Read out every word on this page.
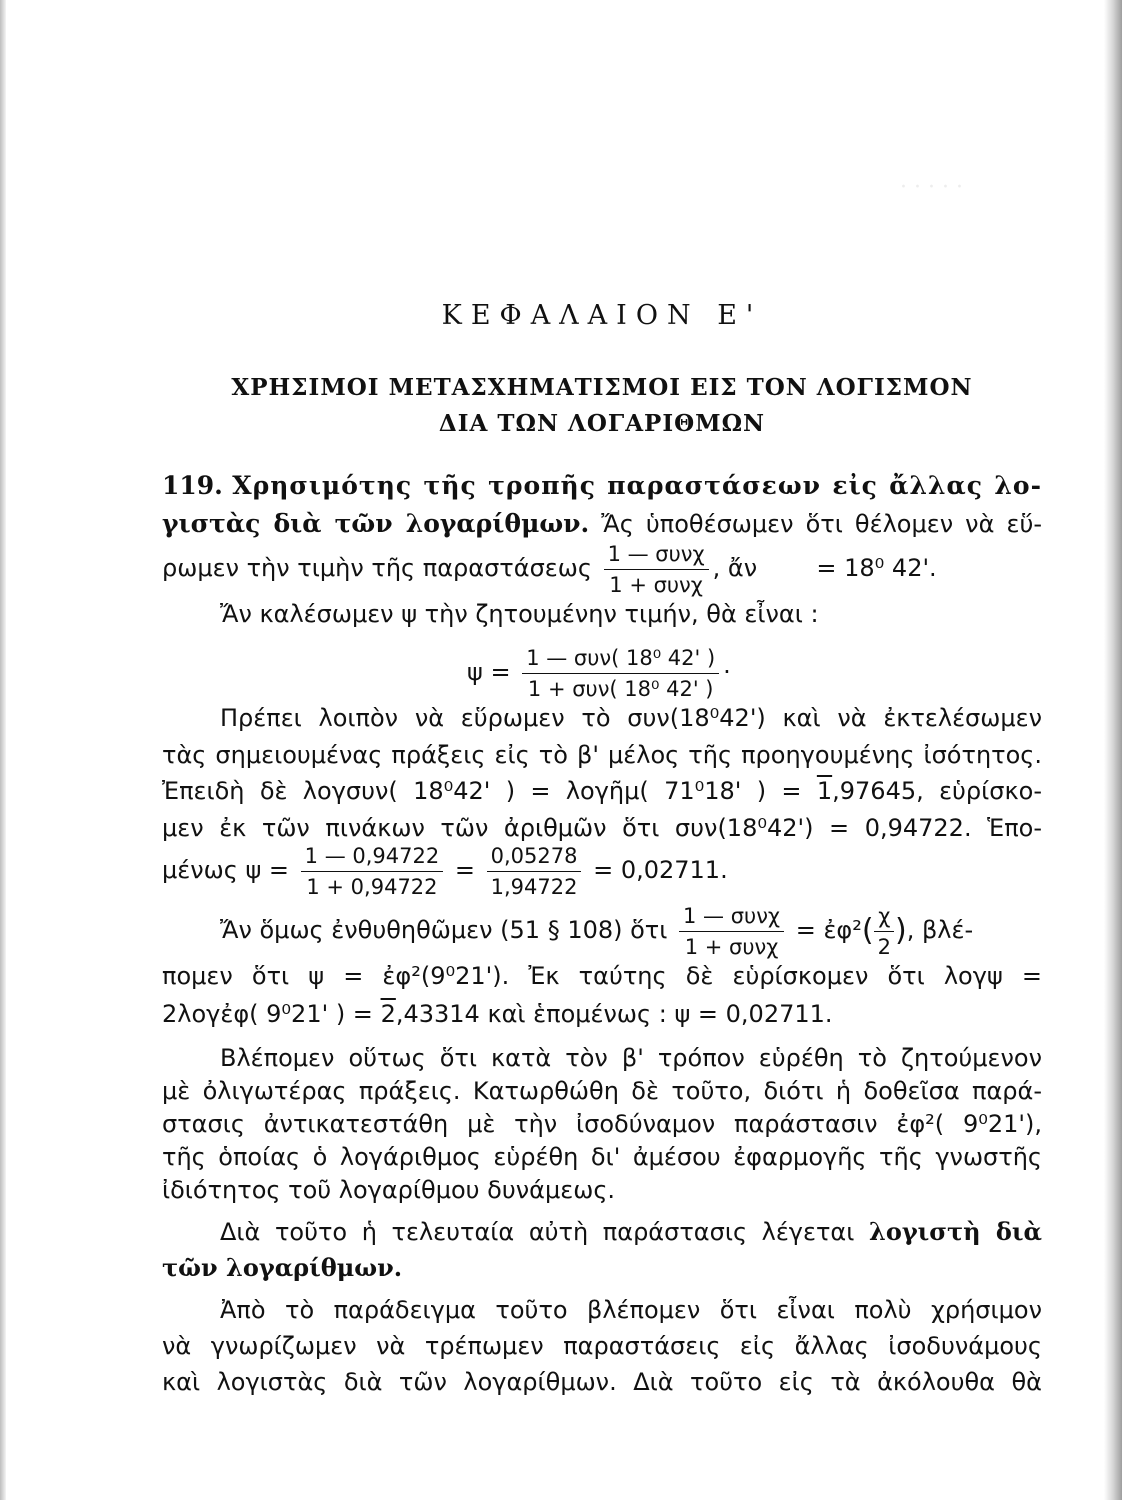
· · · · ·
ΚΕΦΑΛΑΙΟΝ Ε'
ΧΡΗΣΙΜΟΙ ΜΕΤΑΣΧΗΜΑΤΙΣΜΟΙ ΕΙΣ ΤΟΝ ΛΟΓΙΣΜΟΝ
ΔΙΑ ΤΩΝ ΛΟΓΑΡΙΘΜΩΝ
119. Χρησιμότης τῆς τροπῆς παραστάσεων εἰς ἄλλας λο-
γιστὰς διὰ τῶν λογαρίθμων. Ἄς ὑποθέσωμεν ὅτι θέλομεν νὰ εὕ-
ρωμεν τὴν τιμὴν τῆς παραστάσεως $\frac{\text{1 — συνχ}}{\text{1 + συνχ}}$ , ἄν = 18⁰ 42'.
Ἄν καλέσωμεν ψ τὴν ζητουμένην τιμήν, θὰ εἶναι :
$\psi = \frac{\text{1 — συν( 18⁰ 42' )}}{\text{1 + συν( 18⁰ 42' )}}$ ·
Πρέπει λοιπὸν νὰ εὕρωμεν τὸ συν(18⁰42') καὶ νὰ ἐκτελέσωμεν
τὰς σημειουμένας πράξεις εἰς τὸ β' μέλος τῆς προηγουμένης ἰσότητος.
Ἐπειδὴ δὲ λογσυν( 18⁰42' ) = λογῆμ( 71⁰18' ) = 1,97645, εὑρίσκο-
μεν ἐκ τῶν πινάκων τῶν ἀριθμῶν ὅτι συν(18⁰42') = 0,94722. Ἑπο-
μένως $\psi = \frac{1 — 0,94722}{1 + 0,94722} = \frac{0,05278}{1,94722} = 0,02711$.
Ἄν ὅμως ἐνθυθηθῶμεν (51 § 108) ὅτι $\frac{\text{1 — συνχ}}{\text{1 + συνχ}}$ = ἐφ²( $\frac{\chi}{2}$ ), βλέ-
πομεν ὅτι ψ = ἐφ²(9⁰21'). Ἐκ ταύτης δὲ εὑρίσκομεν ὅτι λογψ =
2λογἐφ( 9⁰21' ) = 2,43314 καὶ ἑπομένως : ψ = 0,02711.
Βλέπομεν οὕτως ὅτι κατὰ τὸν β' τρόπον εὑρέθη τὸ ζητούμενον
μὲ ὀλιγωτέρας πράξεις. Κατωρθώθη δὲ τοῦτο, διότι ἡ δοθεῖσα παρά-
στασις ἀντικατεστάθη μὲ τὴν ἰσοδύναμον παράστασιν ἐφ²( 9⁰21'),
τῆς ὁποίας ὁ λογάριθμος εὑρέθη δι' ἀμέσου ἐφαρμογῆς τῆς γνωστῆς
ἰδιότητος τοῦ λογαρίθμου δυνάμεως.
Διὰ τοῦτο ἡ τελευταία αὐτὴ παράστασις λέγεται λογιστὴ διὰ
τῶν λογαρίθμων.
Ἀπὸ τὸ παράδειγμα τοῦτο βλέπομεν ὅτι εἶναι πολὺ χρήσιμον
νὰ γνωρίζωμεν νὰ τρέπωμεν παραστάσεις εἰς ἄλλας ἰσοδυνάμους
καὶ λογιστὰς διὰ τῶν λογαρίθμων. Διὰ τοῦτο εἰς τὰ ἀκόλουθα θὰ
